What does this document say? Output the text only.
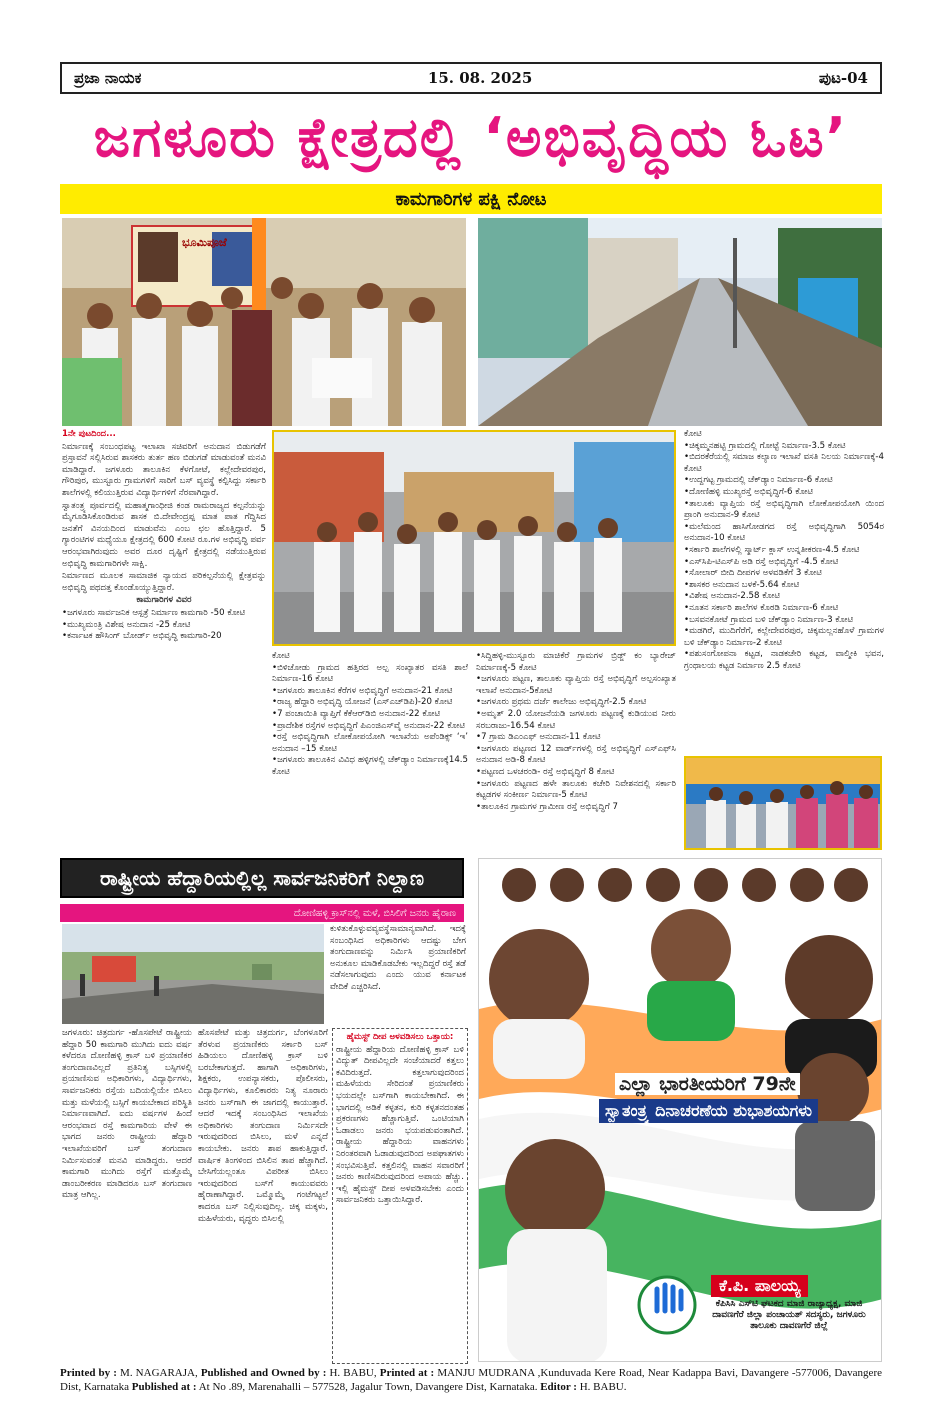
ಪ್ರಜಾ ನಾಯಕ	15. 08. 2025	ಪುಟ-04
ಜಗಳೂರು ಕ್ಷೇತ್ರದಲ್ಲಿ ‘ಅಭಿವೃದ್ಧಿಯ ಓಟ’
ಕಾಮಗಾರಿಗಳ ಪಕ್ಷಿ ನೋಟ
ಭೂಮಿಪೂಜೆ

1ನೇ ಪುಟದಿಂದ...

ನಿರ್ಮಾಣಕ್ಕೆ ಸಂಬಂಧಪಟ್ಟ ಇಲಾಖಾ ಸಚಿವರಿಗೆ ಅನುದಾನ ಬಿಡುಗಡೆಗೆ ಪ್ರಸ್ತಾವನೆ ಸಲ್ಲಿಸಿರುವ ಶಾಸಕರು ತುರ್ತ ಹಣ ಬಿಡುಗಡೆ ಮಾಡುವಂತೆ ಮನವಿ ಮಾಡಿದ್ದಾರೆ. ಜಗಳೂರು ತಾಲೂಕಿನ ಕೆಳಗೋಟೆ, ಕಲ್ಲೇದೇವರಪುರ, ಗೌರಿಪುರ, ಮುಸ್ಟೂರು ಗ್ರಾಮಗಳಿಗೆ ಸಾರಿಗೆ ಬಸ್ ವ್ಯವಸ್ಥೆ ಕಲ್ಪಿಸಿದ್ದು ಸರ್ಕಾರಿ ಶಾಲೆಗಳಲ್ಲಿ ಕಲಿಯುತ್ತಿರುವ ವಿದ್ಯಾರ್ಥಿಗಳಿಗೆ ನೆರವಾಗಿದ್ದಾರೆ.

ಸ್ವಾತಂತ್ರ್ಯ ಪೂರ್ವದಲ್ಲಿ ಮಹಾತ್ಮಗಾಂಧೀಜಿ ಕಂಡ ರಾಮರಾಜ್ಯದ ಕಲ್ಪನೆಯನ್ನು ಮೈಗೂಡಿಸಿಕೊಂಡಿರುವ ಶಾಸಕ ಬಿ.ದೇವೇಂದ್ರಪ್ಪ ಮಾತ ಪಾತ ಗೆದ್ದಿಸಿದ ಜನತೆಗೆ ವಿನಯದಿಂದ ಮಾಡುವೆನು ಎಂಬ ಛಲ ಹೊತ್ತಿದ್ದಾರೆ. 5 ಗ್ಯಾರಂಟಿಗಳ ಮಧ್ಯೆಯೂ ಕ್ಷೇತ್ರದಲ್ಲಿ 600 ಕೋಟಿ ರೂ.ಗಳ ಅಭಿವೃದ್ಧಿ ಪರ್ವ ಆರಂಭವಾಗಿರುವುದು ಅವರ ದೂರ ದೃಷ್ಟಿಗೆ ಕ್ಷೇತ್ರದಲ್ಲಿ ನಡೆಯುತ್ತಿರುವ ಅಭಿವೃದ್ಧಿ ಕಾಮಗಾರಿಗಳೇ ಸಾಕ್ಷಿ.

ನಿರ್ಮಾಣದ ಮೂಲಕ ಸಾಮಾಜಿಕ ನ್ಯಾಯದ ಪರಿಕಲ್ಪನೆಯಲ್ಲಿ ಕ್ಷೇತ್ರವನ್ನು ಅಭಿವೃದ್ಧಿ ಪಥದತ್ತ ಕೊಂಡೊಯ್ಯುತ್ತಿದ್ದಾರೆ.

ಕಾಮಗಾರಿಗಳ ವಿವರ

•ಜಗಳೂರು ಸಾರ್ವಜನಿಕ ಆಸ್ಪತ್ರೆ ನಿರ್ಮಾಣ ಕಾಮಗಾರಿ -50 ಕೋಟಿ

•ಮುಖ್ಯಮಂತ್ರಿ ವಿಶೇಷ ಅನುದಾನ -25 ಕೋಟಿ

•ಕರ್ನಾಟಕ ಹೌಸಿಂಗ್ ಬೋರ್ಡ್ ಅಭಿವೃದ್ಧಿ ಕಾಮಗಾರಿ-20

ಕೋಟಿ

•ಬಿಳಿಚೋಡು ಗ್ರಾಮದ ಹತ್ತಿರದ ಅಲ್ಪ ಸಂಖ್ಯಾತರ ವಸತಿ ಶಾಲೆ ನಿರ್ಮಾಣ-16 ಕೋಟಿ

•ಜಗಳೂರು ತಾಲೂಕಿನ ಕೆರೆಗಳ ಅಭಿವೃದ್ಧಿಗೆ ಅನುದಾನ-21 ಕೋಟಿ

•ರಾಜ್ಯ ಹೆದ್ದಾರಿ ಅಭಿವೃದ್ಧಿ ಯೋಜನೆ (ಎಸ್‌ಎಚ್‌ಡಿಪಿ)-20 ಕೋಟಿ

•7 ಪಂಚಾಯಿತಿ ವ್ಯಾಪ್ತಿಗೆ ಕೆಕೆಆರ್‌ಡಿಬಿ ಅನುದಾನ-22 ಕೋಟಿ

•ಪ್ರಾದೇಶಿಕ ರಸ್ತೆಗಳ ಅಭಿವೃದ್ಧಿಗೆ ಪಿಎಂಜಿಎಸ್‌ವೈ ಅನುದಾನ-22 ಕೋಟಿ

•ರಸ್ತೆ ಅಭಿವೃದ್ಧಿಗಾಗಿ ಲೋಕೋಪಯೋಗಿ ಇಲಾಖೆಯ ಅಪೆಂಡಿಕ್ಸ್ ‘ಇ’ ಅನುದಾನ –15 ಕೋಟಿ

•ಜಗಳೂರು ತಾಲೂಕಿನ ವಿವಿಧ ಹಳ್ಳಿಗಳಲ್ಲಿ ಚೆಕ್‌ಡ್ಯಾಂ ನಿರ್ಮಾಣಕ್ಕೆ14.5 ಕೋಟಿ

•ಸಿದ್ದಿಹಳ್ಳಿ-ಮುಸ್ಟೂರು ಮಾಚಿಕೆರೆ ಗ್ರಾಮಗಳ ಬ್ರಿಡ್ಜ್ ಕಂ ಬ್ಯಾರೇಜ್ ನಿರ್ಮಾಣಕ್ಕೆ-5 ಕೋಟಿ

•ಜಗಳೂರು ಪಟ್ಟಣ, ತಾಲೂಕು ವ್ಯಾಪ್ತಿಯ ರಸ್ತೆ ಅಭಿವೃದ್ಧಿಗೆ ಅಲ್ಪಸಂಖ್ಯಾತ ಇಲಾಖೆ ಅನುದಾನ-5ಕೋಟಿ

•ಜಗಳೂರು ಪ್ರಥಮ ದರ್ಜೆ ಕಾಲೇಜು ಅಭಿವೃದ್ಧಿಗೆ-2.5 ಕೋಟಿ

•ಅಮೃತ್ 2.0 ಯೋಜನೆಯಡಿ ಜಗಳೂರು ಪಟ್ಟಣಕ್ಕೆ ಕುಡಿಯುವ ನೀರು ಸರಬರಾಜು-16.54 ಕೋಟಿ

•7 ಗ್ರಾಮ ಡಿಎಂಎಫ್ ಅನುದಾನ-11 ಕೋಟಿ

•ಜಗಳೂರು ಪಟ್ಟಣದ 12 ವಾರ್ಡ್‌ಗಳಲ್ಲಿ ರಸ್ತೆ ಅಭಿವೃದ್ಧಿಗೆ ಎಸ್‌ಎಫ್‌ಸಿ ಅನುದಾನ ಅಡಿ-8 ಕೋಟಿ

•ಪಟ್ಟಣದ ಒಳಚರಂಡಿ- ರಸ್ತೆ ಅಭಿವೃದ್ಧಿಗೆ 8 ಕೋಟಿ

•ಜಗಳೂರು ಪಟ್ಟಣದ ಹಳೇ ತಾಲೂಕು ಕಚೇರಿ ನಿವೇಶನದಲ್ಲಿ ಸರ್ಕಾರಿ ಕಟ್ಟಡಗಳ ಸಂಕೀರ್ಣ ನಿರ್ಮಾಣ-5 ಕೋಟಿ

•ತಾಲೂಕಿನ ಗ್ರಾಮಗಳ ಗ್ರಾಮೀಣ ರಸ್ತೆ ಅಭಿವೃದ್ಧಿಗೆ 7

ಕೋಟಿ

•ಚಿಕ್ಕಮ್ಮನಹಟ್ಟಿ ಗ್ರಾಮದಲ್ಲಿ ಗೋಟ್ಟೆ ನಿರ್ಮಾಣ-3.5 ಕೋಟಿ

•ಬಿದರಕೆರೆಯಲ್ಲಿ ಸಮಾಜ ಕಲ್ಯಾಣ ಇಲಾಖೆ ವಸತಿ ನಿಲಯ ನಿರ್ಮಾಣಕ್ಕೆ-4 ಕೋಟಿ

•ಉದ್ದಗಟ್ಟ ಗ್ರಾಮದಲ್ಲಿ ಚೆಕ್‌ಡ್ಯಾಂ ನಿರ್ಮಾಣ-6 ಕೋಟಿ

•ದೋಣಿಹಳ್ಳಿ ಮುಖ್ಯರಸ್ತೆ ಅಭಿವೃದ್ಧಿಗೆ-6 ಕೋಟಿ

•ತಾಲೂಕು ವ್ಯಾಪ್ತಿಯ ರಸ್ತೆ ಅಭಿವೃದ್ಧಿಗಾಗಿ ಲೋಕೋಪಯೋಗಿ ಯಿಂದ ಪ್ರಾಂಗಿ ಅನುದಾನ-9 ಕೋಟಿ

•ಮಲೆಮಂದ ಹಾಸಿಗೋಡಗದ ರಸ್ತೆ ಅಭಿವೃದ್ಧಿಗಾಗಿ 5054ರ ಅನುದಾನ-10 ಕೋಟಿ

•ಸರ್ಕಾರಿ ಶಾಲೆಗಳಲ್ಲಿ ಸ್ಮಾರ್ಟ್ ಕ್ಲಾಸ್ ಉನ್ನತೀಕರಣ-4.5 ಕೋಟಿ

•ಎಸ್‌ಸಿಪಿ-ಟಿಎಸ್‌ಪಿ ಅಡಿ ರಸ್ತೆ ಅಭಿವೃದ್ಧಿಗೆ -4.5 ಕೋಟಿ

•ಸೋಲಾರ್ ಬೀದಿ ದೀಪಗಳ ಅಳವಡಿಕೆಗೆ 3 ಕೋಟಿ

•ಶಾಸಕರ ಅನುದಾನ ಬಳಕೆ-5.64 ಕೋಟಿ

•ವಿಶೇಷ ಅನುದಾನ-2.58 ಕೋಟಿ

•ನೂತನ ಸರ್ಕಾರಿ ಶಾಲೆಗಳ ಕೊಠಡಿ ನಿರ್ಮಾಣ-6 ಕೋಟಿ

•ಬಸವನಕೋಟೆ ಗ್ರಾಮದ ಬಳಿ ಚೆಕ್‌ಡ್ಯಾಂ ನಿರ್ಮಾಣ-3 ಕೋಟಿ

•ಮಡಗಿರೆ, ಮುದಿಗೆರೆಗೆ, ಕಲ್ಲೇದೇವರಪುರ, ಚಿಕ್ಕಮಲ್ಲನಹೊಳೆ ಗ್ರಾಮಗಳ ಬಳಿ ಚೆಕ್‌ಡ್ಯಾಂ ನಿರ್ಮಾಣ-2 ಕೋಟಿ

•ಪಶುಸಂಗೋಪನಾ ಕಟ್ಟಡ, ನಾಡಕಚೇರಿ ಕಟ್ಟಡ, ವಾಲ್ಮೀಕಿ ಭವನ, ಗ್ರಂಥಾಲಯ ಕಟ್ಟಡ ನಿರ್ಮಾಣ 2.5 ಕೋಟಿ

ರಾಷ್ಟ್ರೀಯ ಹೆದ್ದಾರಿಯಲ್ಲಿಲ್ಲ ಸಾರ್ವಜನಿಕರಿಗೆ ನಿಲ್ದಾಣ
ದೋಣಿಹಳ್ಳಿ ಕ್ರಾಸ್‌ನಲ್ಲಿ ಮಳೆ, ಬಿಸಿಲಿಗೆ ಜನರು ಹೈರಾಣ

ಕುಳಿತುಕೊಳ್ಳುವವ್ಯವಸ್ಥೆಸಾಮಾನ್ಯವಾಗಿದೆ. ಇದಕ್ಕೆ ಸಂಬಂಧಿಸಿದ ಅಧಿಕಾರಿಗಳು ಆದಷ್ಟು ಬೇಗ ತಂಗುದಾಣವನ್ನು ನಿರ್ಮಿಸಿ ಪ್ರಯಾಣಿಕರಿಗೆ ಅನುಕೂಲ ಮಾಡಿಕೊಡಬೇಕು ಇಲ್ಲದಿದ್ದರೆ ರಸ್ತೆ ತಡೆ ನಡೆಸಲಾಗುವುದು ಎಂದು ಯುವ ಕರ್ನಾಟಕ ವೇದಿಕೆ ಎಚ್ಚರಿಸಿದೆ.

ಜಗಳೂರು: ಚಿತ್ರದುರ್ಗ -ಹೊಸಪೇಟೆ ರಾಷ್ಟ್ರೀಯ ಹೆದ್ದಾರಿ 50 ಕಾಮಗಾರಿ ಮುಗಿದು ಐದು ವರ್ಷ ಕಳೆದರೂ ದೋಣಿಹಳ್ಳಿ ಕ್ರಾಸ್ ಬಳಿ ಪ್ರಯಾಣಿಕರ ತಂಗುದಾಣವಿಲ್ಲದೆ ಪ್ರತಿನಿತ್ಯ ಬಸ್ಸಿಗಳಲ್ಲಿ ಪ್ರಯಾಣಿಸುವ ಅಧಿಕಾರಿಗಳು, ವಿದ್ಯಾರ್ಥಿಗಳು, ಸಾರ್ವಜನಿಕರು ರಸ್ತೆಯ ಬದಿಯಲ್ಲಿಯೇ ಬಿಸಿಲು ಮತ್ತು ಮಳೆಯಲ್ಲಿ ಬಸ್ಸಿಗೆ ಕಾಯಬೇಕಾದ ಪರಿಸ್ಥಿತಿ ನಿರ್ಮಾಣವಾಗಿದೆ. ಐದು ವರ್ಷಗಳ ಹಿಂದೆ ಆರಂಭವಾದ ರಸ್ತೆ ಕಾಮಗಾರಿಯ ವೇಳೆ ಈ ಭಾಗದ ಜನರು ರಾಷ್ಟ್ರೀಯ ಹೆದ್ದಾರಿ ಇಲಾಖೆಯವರಿಗೆ ಬಸ್ ತಂಗುದಾಣ ನಿರ್ಮಿಸುವಂತೆ ಮನವಿ ಮಾಡಿದ್ದರು. ಆದರೆ ಕಾಮಗಾರಿ ಮುಗಿದು ರಸ್ತೆಗೆ ಮತ್ತೊಮ್ಮೆ ಡಾಂಬರೀಕರಣ ಮಾಡಿದರೂ ಬಸ್ ತಂಗುದಾಣ ಮಾತ್ರ ಆಗಿಲ್ಲ.

ಹೊಸಪೇಟೆ ಮತ್ತು ಚಿತ್ರದುರ್ಗ, ಬೆಂಗಳೂರಿಗೆ ತೆರಳುವ ಪ್ರಯಾಣಿಕರು ಸರ್ಕಾರಿ ಬಸ್ ಹಿಡಿಯಲು ದೋಣಿಹಳ್ಳಿ ಕ್ರಾಸ್ ಬಳಿ ಬರಬೇಕಾಗುತ್ತದೆ. ಹಾಗಾಗಿ ಅಧಿಕಾರಿಗಳು, ಶಿಕ್ಷಕರು, ಉಪನ್ಯಾಸಕರು, ಪೊಲೀಸರು, ವಿದ್ಯಾರ್ಥಿಗಳು, ಕೂಲಿಕಾರರು ನಿತ್ಯ ನೂರಾರು ಜನರು ಬಸ್‌ಗಾಗಿ ಈ ಜಾಗದಲ್ಲಿ ಕಾಯುತ್ತಾರೆ. ಆದರೆ ಇದಕ್ಕೆ ಸಂಬಂಧಿಸಿದ ಇಲಾಖೆಯ ಅಧಿಕಾರಿಗಳು ತಂಗುದಾಣ ನಿರ್ಮಿಸದೇ ಇರುವುದರಿಂದ ಬಿಸಿಲು, ಮಳೆ ಎನ್ನದೆ ಕಾಯಬೇಕು. ಜನರು ಶಾಪ ಹಾಕುತ್ತಿದ್ದಾರೆ. ವಾರ್ಷಿಕ ತಿಂಗಳಿಂದ ಬಿಸಿಲಿನ ತಾಪ ಹೆಚ್ಚಾಗಿದೆ. ಬೇಸಿಗೆಯಲ್ಲಂತೂ ವಿಪರೀತ ಬಿಸಿಲು ಇರುವುದರಿಂದ ಬಸ್‌ಗೆ ಕಾಯುವವರು ಹೈರಾಣಾಗಿದ್ದಾರೆ. ಒಮ್ಮೊಮ್ಮೆ ಗಂಟೆಗಟ್ಟಲೆ ಕಾದರೂ ಬಸ್ ನಿಲ್ಲಿಸುವುದಿಲ್ಲ. ಚಿಕ್ಕ ಮಕ್ಕಳು, ಮಹಿಳೆಯರು, ವೃದ್ಧರು ಬಿಸಿಲಲ್ಲಿ

ಹೈಮಸ್ಟ್ ದೀಪ ಅಳವಡಿಸಲು ಒತ್ತಾಯ:

ರಾಷ್ಟ್ರೀಯ ಹೆದ್ದಾರಿಯ ದೋಣಿಹಳ್ಳಿ ಕ್ರಾಸ್ ಬಳಿ ವಿದ್ಯುತ್ ದೀಪವಿಲ್ಲದೇ ಸಂಜೆಯಾದರೆ ಕತ್ತಲು ಕವಿದಿರುತ್ತದೆ. ಕತ್ತಲಾಗುವುದರಿಂದ ಮಹಿಳೆಯರು ಸೇರಿದಂತೆ ಪ್ರಯಾಣಿಕರು ಭಯದಲ್ಲೇ ಬಸ್‌ಗಾಗಿ ಕಾಯಬೇಕಾಗಿದೆ. ಈ ಭಾಗದಲ್ಲಿ ಅಡಿಕೆ ಕಳ್ಳತನ, ಕುರಿ ಕಳ್ಳತನದಂತಹ ಪ್ರಕರಣಗಳು ಹೆಚ್ಚಾಗುತ್ತಿವೆ. ಒಂಟಿಯಾಗಿ ಓಡಾಡಲು ಜನರು ಭಯಪಡುವಂತಾಗಿದೆ. ರಾಷ್ಟ್ರೀಯ ಹೆದ್ದಾರಿಯ ವಾಹನಗಳು ನಿರಂತರವಾಗಿ ಓಡಾಡುವುದರಿಂದ ಅಪಘಾತಗಳು ಸಂಭವಿಸುತ್ತಿವೆ. ಕತ್ತಲಿನಲ್ಲಿ ವಾಹನ ಸವಾರರಿಗೆ ಜನರು ಕಾಣಿಸದಿರುವುದರಿಂದ ಅಪಾಯ ಹೆಚ್ಚು. ಇಲ್ಲಿ ಹೈಮಸ್ಟ್ ದೀಪ ಅಳವಡಿಸಬೇಕು ಎಂದು ಸಾರ್ವಜನಿಕರು ಒತ್ತಾಯಿಸಿದ್ದಾರೆ.

ಎಲ್ಲಾ ಭಾರತೀಯರಿಗೆ 79ನೇ
ಸ್ವಾತಂತ್ರ್ಯ ದಿನಾಚರಣೆಯ ಶುಭಾಶಯಗಳು
ಕೆ.ಪಿ. ಪಾಲಯ್ಯ
ಕೆಪಿಸಿಸಿ ಎಸ್‌ಟಿ ಘಟಕದ ಮಾಜಿ ರಾಜ್ಯಾಧ್ಯಕ್ಷ, ಮಾಜಿ ದಾವಣಗೆರೆ ಜಿಲ್ಲಾ ಪಂಚಾಯತ್ ಸದಸ್ಯರು, ಜಗಳೂರು ತಾಲೂಕು ದಾವಣಗೆರೆ ಜಿಲ್ಲೆ
Printed by : M. NAGARAJA, Published and Owned by : H. BABU, Printed at : MANJU MUDRANA ,Kunduvada Kere Road, Near Kadappa Bavi, Davangere -577006, Davangere Dist, Karnataka Published at : At No .89, Marenahalli – 577528, Jagalur Town, Davangere Dist, Karnataka. Editor : H. BABU.
